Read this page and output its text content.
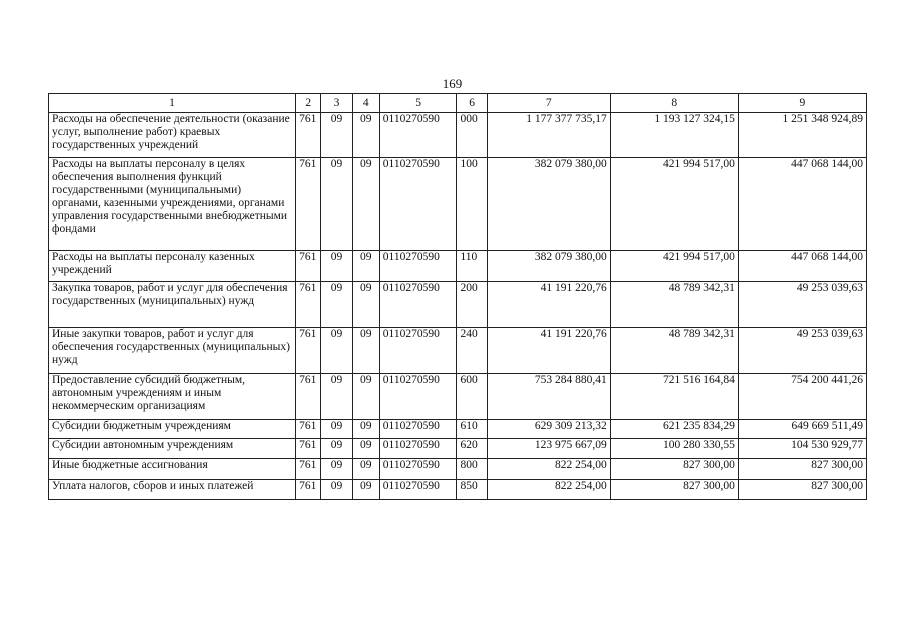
169
1	2	3	4	5	6	7	8	9
Расходы на обеспечение деятельности (оказание услуг, выполнение работ) краевых государственных учреждений	761	09	09	0110270590	000	1 177 377 735,17	1 193 127 324,15	1 251 348 924,89
Расходы на выплаты персоналу в целях обеспечения выполнения функций государственными (муниципальными) органами, казенными учреждениями, органами управления государственными внебюджетными фондами	761	09	09	0110270590	100	382 079 380,00	421 994 517,00	447 068 144,00
Расходы на выплаты персоналу казенных учреждений	761	09	09	0110270590	110	382 079 380,00	421 994 517,00	447 068 144,00
Закупка товаров, работ и услуг для обеспечения государственных (муниципальных) нужд	761	09	09	0110270590	200	41 191 220,76	48 789 342,31	49 253 039,63
Иные закупки товаров, работ и услуг для обеспечения государственных (муниципальных) нужд	761	09	09	0110270590	240	41 191 220,76	48 789 342,31	49 253 039,63
Предоставление субсидий бюджетным, автономным учреждениям и иным некоммерческим организациям	761	09	09	0110270590	600	753 284 880,41	721 516 164,84	754 200 441,26
Субсидии бюджетным учреждениям	761	09	09	0110270590	610	629 309 213,32	621 235 834,29	649 669 511,49
Субсидии автономным учреждениям	761	09	09	0110270590	620	123 975 667,09	100 280 330,55	104 530 929,77
Иные бюджетные ассигнования	761	09	09	0110270590	800	822 254,00	827 300,00	827 300,00
Уплата налогов, сборов и иных платежей	761	09	09	0110270590	850	822 254,00	827 300,00	827 300,00
